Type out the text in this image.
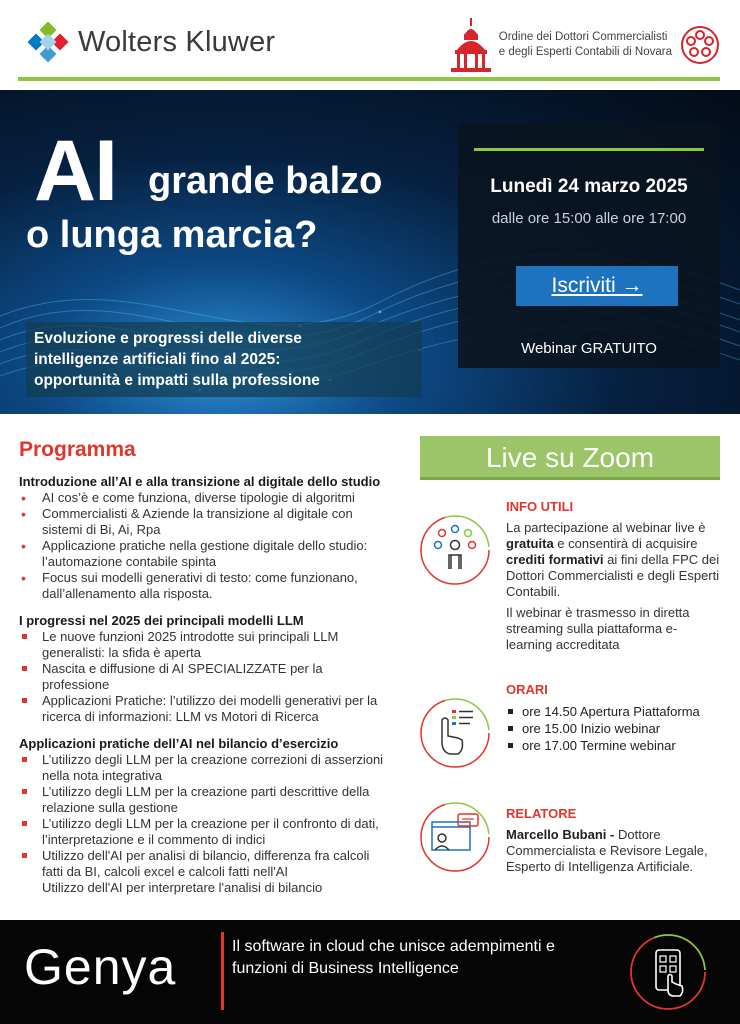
Wolters Kluwer	Ordine dei Dottori Commercialisti
e degli Esperti Contabili di Novara
AI grande balzo
o lunga marcia?
Evoluzione e progressi delle diverse
intelligenze artificiali fino al 2025:
opportunità e impatti sulla professione
Lunedì 24 marzo 2025
dalle ore 15:00 alle ore 17:00
Iscriviti →
Webinar GRATUITO
Programma
Introduzione all’AI e alla transizione al digitale dello studio
• AI cos’è e come funziona, diverse tipologie di algoritmi
• Commercialisti & Aziende la transizione al digitale con sistemi di Bi, Ai, Rpa
• Applicazione pratiche nella gestione digitale dello studio: l’automazione contabile spinta
• Focus sui modelli generativi di testo: come funzionano, dall’allenamento alla risposta.
I progressi nel 2025 dei principali modelli LLM
Le nuove funzioni 2025 introdotte sui principali LLM generalisti: la sfida è aperta
Nascita e diffusione di AI SPECIALIZZATE per la professione
Applicazioni Pratiche: l’utilizzo dei modelli generativi per la ricerca di informazioni: LLM vs Motori di Ricerca
Applicazioni pratiche dell’AI nel bilancio d’esercizio
L’utilizzo degli LLM per la creazione correzioni di asserzioni nella nota integrativa
L’utilizzo degli LLM per la creazione parti descrittive della relazione sulla gestione
L’utilizzo degli LLM per la creazione per il confronto di dati, l’interpretazione e il commento di indici
Utilizzo dell'AI per analisi di bilancio, differenza fra calcoli fatti da BI, calcoli excel e calcoli fatti nell'AI
Utilizzo dell'AI per interpretare l'analisi di bilancio
Live su Zoom
INFO UTILI
La partecipazione al webinar live è gratuita e consentirà di acquisire crediti formativi ai fini della FPC dei Dottori Commercialisti e degli Esperti Contabili.
Il webinar è trasmesso in diretta streaming sulla piattaforma e-learning accreditata
ORARI
ore 14.50 Apertura Piattaforma
ore 15.00 Inizio webinar
ore 17.00 Termine webinar
RELATORE
Marcello Bubani - Dottore Commercialista e Revisore Legale, Esperto di Intelligenza Artificiale.
Genya	Il software in cloud che unisce adempimenti e funzioni di Business Intelligence
